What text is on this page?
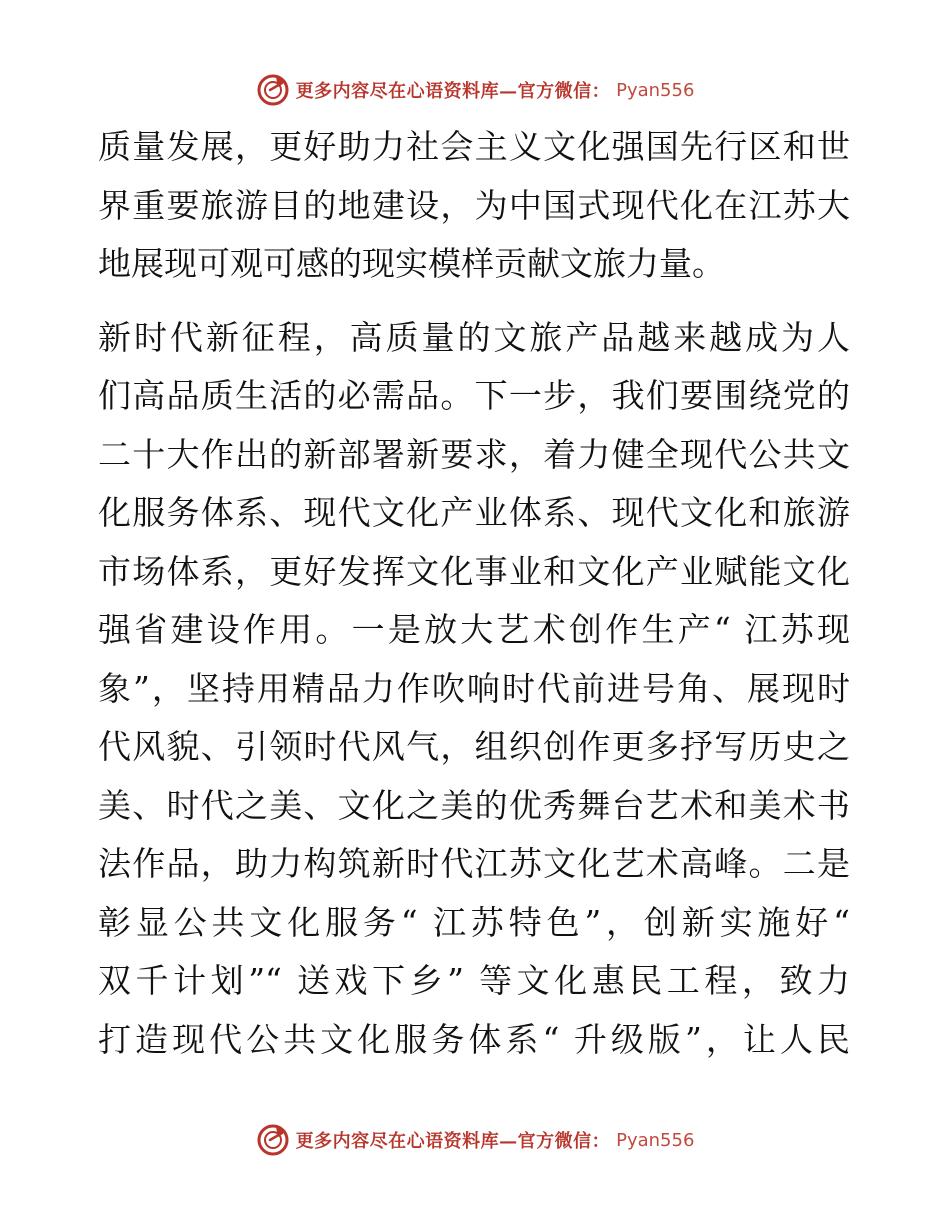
更多内容尽在心语资料库—官方微信： Pyan556
质量发展，更好助力社会主义文化强国先行区和世
界重要旅游目的地建设，为中国式现代化在江苏大
地展现可观可感的现实模样贡献文旅力量。
新时代新征程，高质量的文旅产品越来越成为人
们高品质生活的必需品。下一步，我们要围绕党的
二十大作出的新部署新要求，着力健全现代公共文
化服务体系、现代文化产业体系、现代文化和旅游
市场体系，更好发挥文化事业和文化产业赋能文化
强省建设作用。一是放大艺术创作生产“ 江苏现
象”，坚持用精品力作吹响时代前进号角、展现时
代风貌、引领时代风气，组织创作更多抒写历史之
美、时代之美、文化之美的优秀舞台艺术和美术书
法作品，助力构筑新时代江苏文化艺术高峰。二是
彰显公共文化服务“ 江苏特色”，创新实施好“
双千计划”“ 送戏下乡” 等文化惠民工程，致力
打造现代公共文化服务体系“ 升级版”，让人民
更多内容尽在心语资料库—官方微信： Pyan556
